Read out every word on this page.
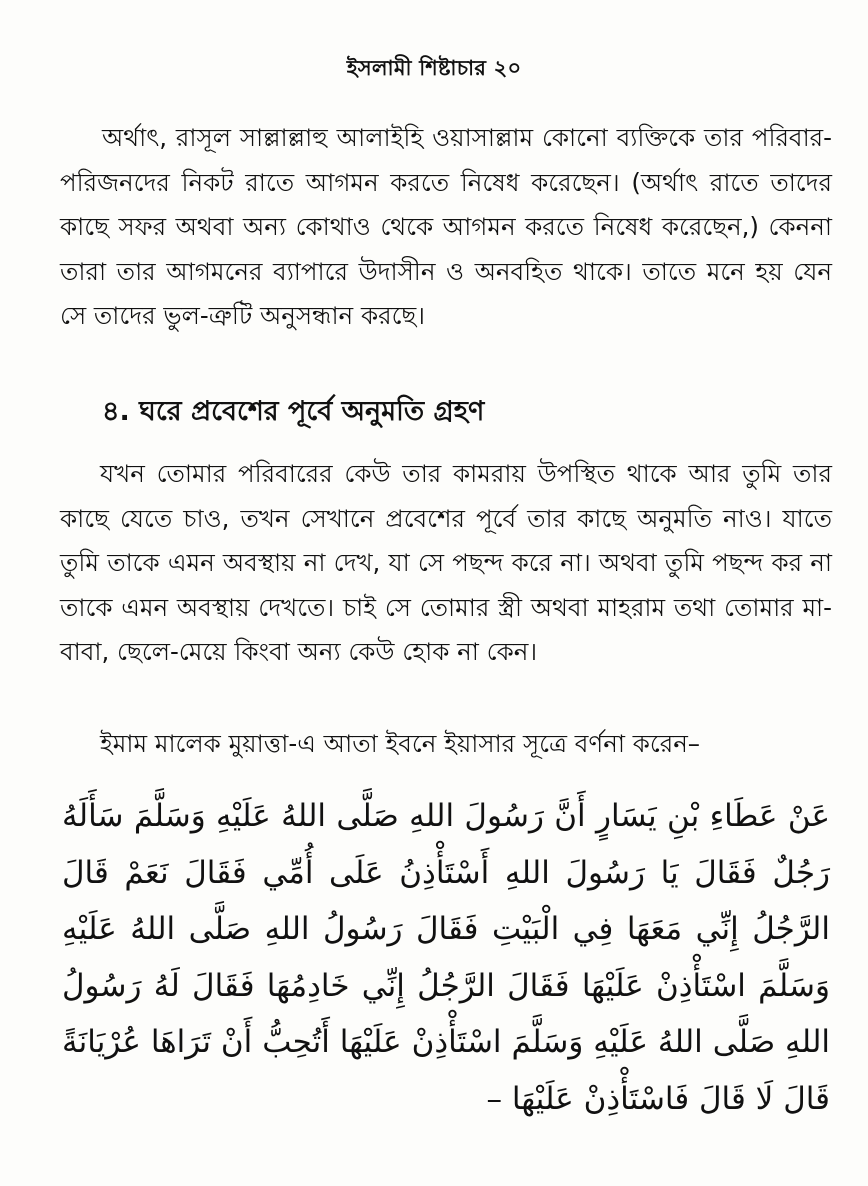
ইসলামী শিষ্টাচার ২০

অর্থাৎ, রাসূল সাল্লাল্লাহু আলাইহি ওয়াসাল্লাম কোনো ব্যক্তিকে তার পরিবার-পরিজনদের নিকট রাতে আগমন করতে নিষেধ করেছেন। (অর্থাৎ রাতে তাদের কাছে সফর অথবা অন্য কোথাও থেকে আগমন করতে নিষেধ করেছেন,) কেননা তারা তার আগমনের ব্যাপারে উদাসীন ও অনবহিত থাকে। তাতে মনে হয় যেন সে তাদের ভুল-ত্রুটি অনুসন্ধান করছে।

৪. ঘরে প্রবেশের পূর্বে অনুমতি গ্রহণ

যখন তোমার পরিবারের কেউ তার কামরায় উপস্থিত থাকে আর তুমি তার কাছে যেতে চাও, তখন সেখানে প্রবেশের পূর্বে তার কাছে অনুমতি নাও। যাতে তুমি তাকে এমন অবস্থায় না দেখ, যা সে পছন্দ করে না। অথবা তুমি পছন্দ কর না তাকে এমন অবস্থায় দেখতে। চাই সে তোমার স্ত্রী অথবা মাহরাম তথা তোমার মা-বাবা, ছেলে-মেয়ে কিংবা অন্য কেউ হোক না কেন।

ইমাম মালেক মুয়াত্তা-এ আতা ইবনে ইয়াসার সূত্রে বর্ণনা করেন–

عَنْ عَطَاءِ بْنِ يَسَارٍ أَنَّ رَسُولَ اللهِ صَلَّى اللهُ عَلَيْهِ وَسَلَّمَ سَأَلَهُ رَجُلٌ فَقَالَ يَا رَسُولَ اللهِ أَسْتَأْذِنُ عَلَى أُمِّي فَقَالَ نَعَمْ قَالَ الرَّجُلُ إِنِّي مَعَهَا فِي الْبَيْتِ فَقَالَ رَسُولُ اللهِ صَلَّى اللهُ عَلَيْهِ وَسَلَّمَ اسْتَأْذِنْ عَلَيْهَا فَقَالَ الرَّجُلُ إِنِّي خَادِمُهَا فَقَالَ لَهُ رَسُولُ اللهِ صَلَّى اللهُ عَلَيْهِ وَسَلَّمَ اسْتَأْذِنْ عَلَيْهَا أَتُحِبُّ أَنْ تَرَاهَا عُرْيَانَةً قَالَ لَا قَالَ فَاسْتَأْذِنْ عَلَيْهَا –
